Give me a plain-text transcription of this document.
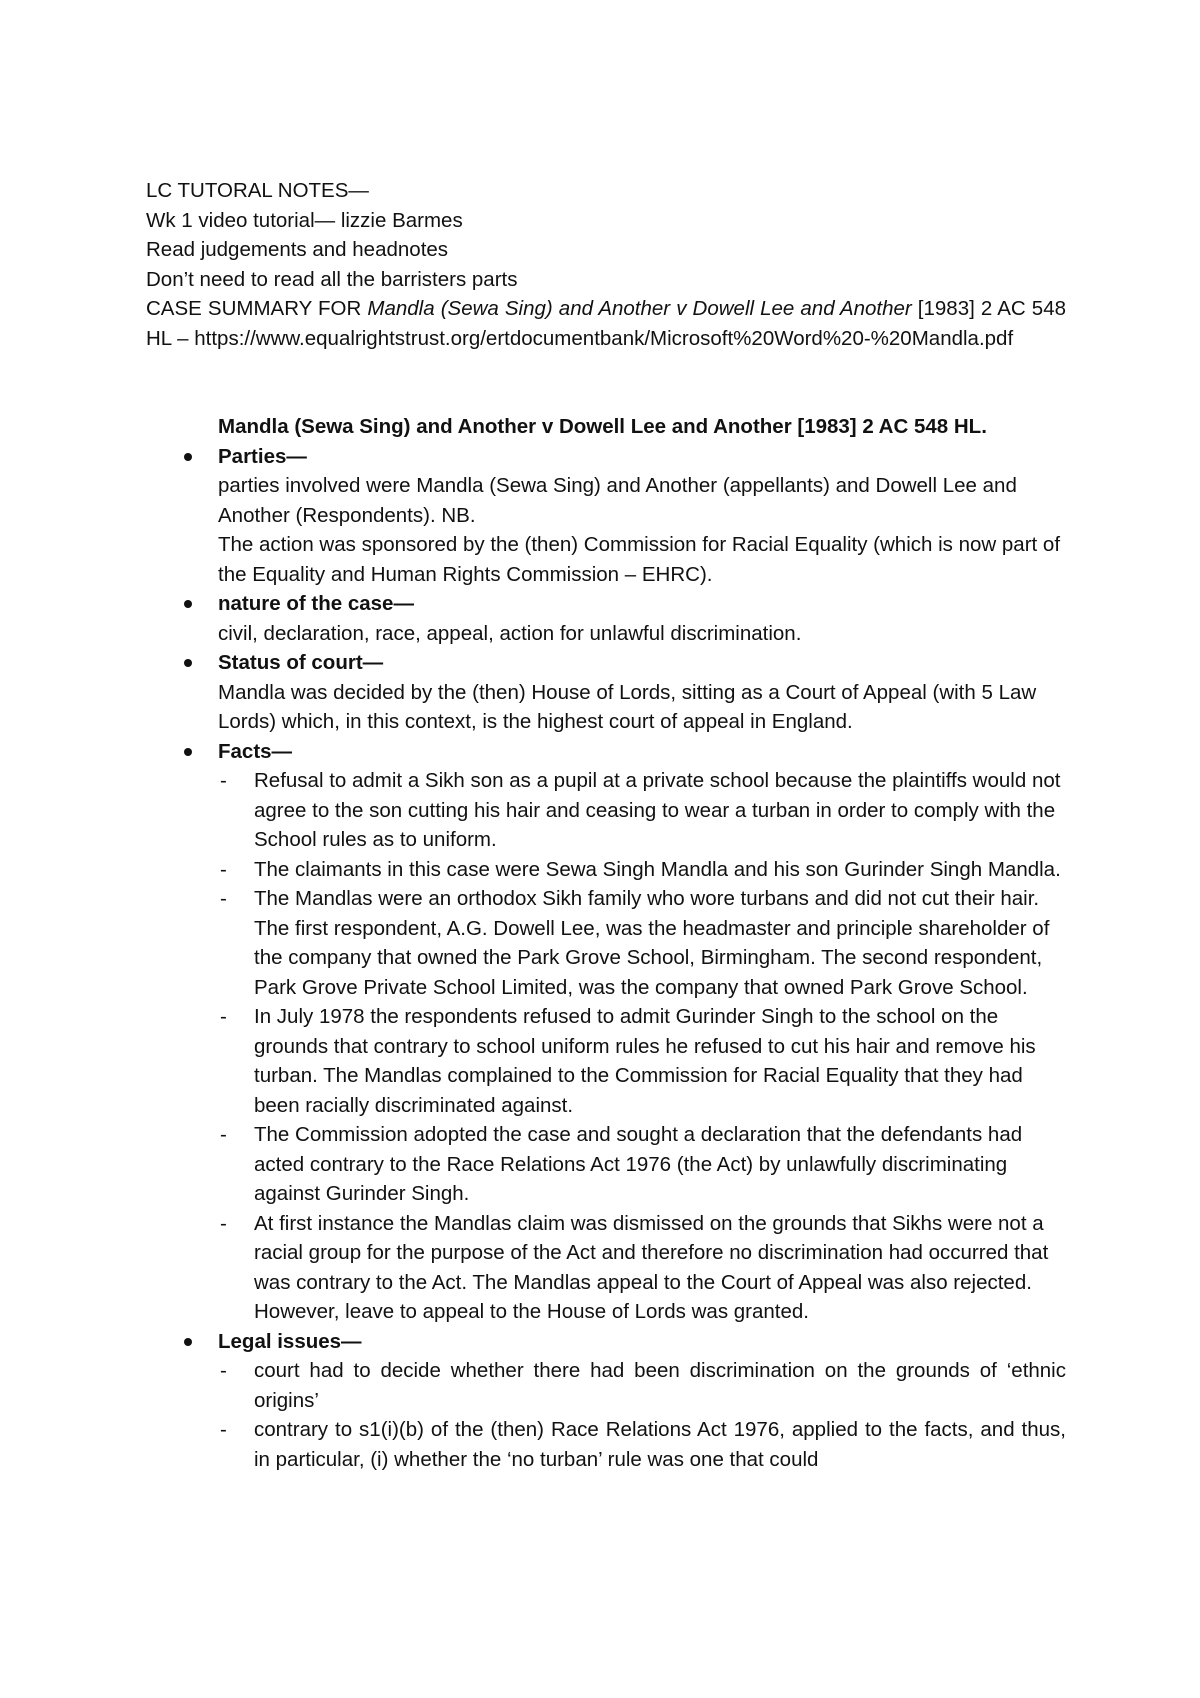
LC TUTORAL NOTES—

Wk 1 video tutorial— lizzie Barmes

Read judgements and headnotes

Don’t need to read all the barristers parts

CASE SUMMARY FOR Mandla (Sewa Sing) and Another v Dowell Lee and Another [1983] 2 AC 548 HL – https://www.equalrightstrust.org/ertdocumentbank/Microsoft%20Word%20-%20Mandla.pdf

Mandla (Sewa Sing) and Another v Dowell Lee and Another [1983] 2 AC 548 HL.

Parties—
parties involved were Mandla (Sewa Sing) and Another (appellants) and Dowell Lee and Another (Respondents). NB.
The action was sponsored by the (then) Commission for Racial Equality (which is now part of the Equality and Human Rights Commission – EHRC).
nature of the case—
civil, declaration, race, appeal, action for unlawful discrimination.
Status of court—
Mandla was decided by the (then) House of Lords, sitting as a Court of Appeal (with 5 Law Lords) which, in this context, is the highest court of appeal in England.
Facts—
- Refusal to admit a Sikh son as a pupil at a private school because the plaintiffs would not agree to the son cutting his hair and ceasing to wear a turban in order to comply with the School rules as to uniform.
- The claimants in this case were Sewa Singh Mandla and his son Gurinder Singh Mandla.
- The Mandlas were an orthodox Sikh family who wore turbans and did not cut their hair. The first respondent, A.G. Dowell Lee, was the headmaster and principle shareholder of the company that owned the Park Grove School, Birmingham. The second respondent, Park Grove Private School Limited, was the company that owned Park Grove School.
- In July 1978 the respondents refused to admit Gurinder Singh to the school on the grounds that contrary to school uniform rules he refused to cut his hair and remove his turban. The Mandlas complained to the Commission for Racial Equality that they had been racially discriminated against.
- The Commission adopted the case and sought a declaration that the defendants had acted contrary to the Race Relations Act 1976 (the Act) by unlawfully discriminating against Gurinder Singh.
- At first instance the Mandlas claim was dismissed on the grounds that Sikhs were not a racial group for the purpose of the Act and therefore no discrimination had occurred that was contrary to the Act. The Mandlas appeal to the Court of Appeal was also rejected. However, leave to appeal to the House of Lords was granted.
Legal issues—
- court had to decide whether there had been discrimination on the grounds of ‘ethnic origins’
- contrary to s1(i)(b) of the (then) Race Relations Act 1976, applied to the facts, and thus, in particular, (i) whether the ‘no turban’ rule was one that could
